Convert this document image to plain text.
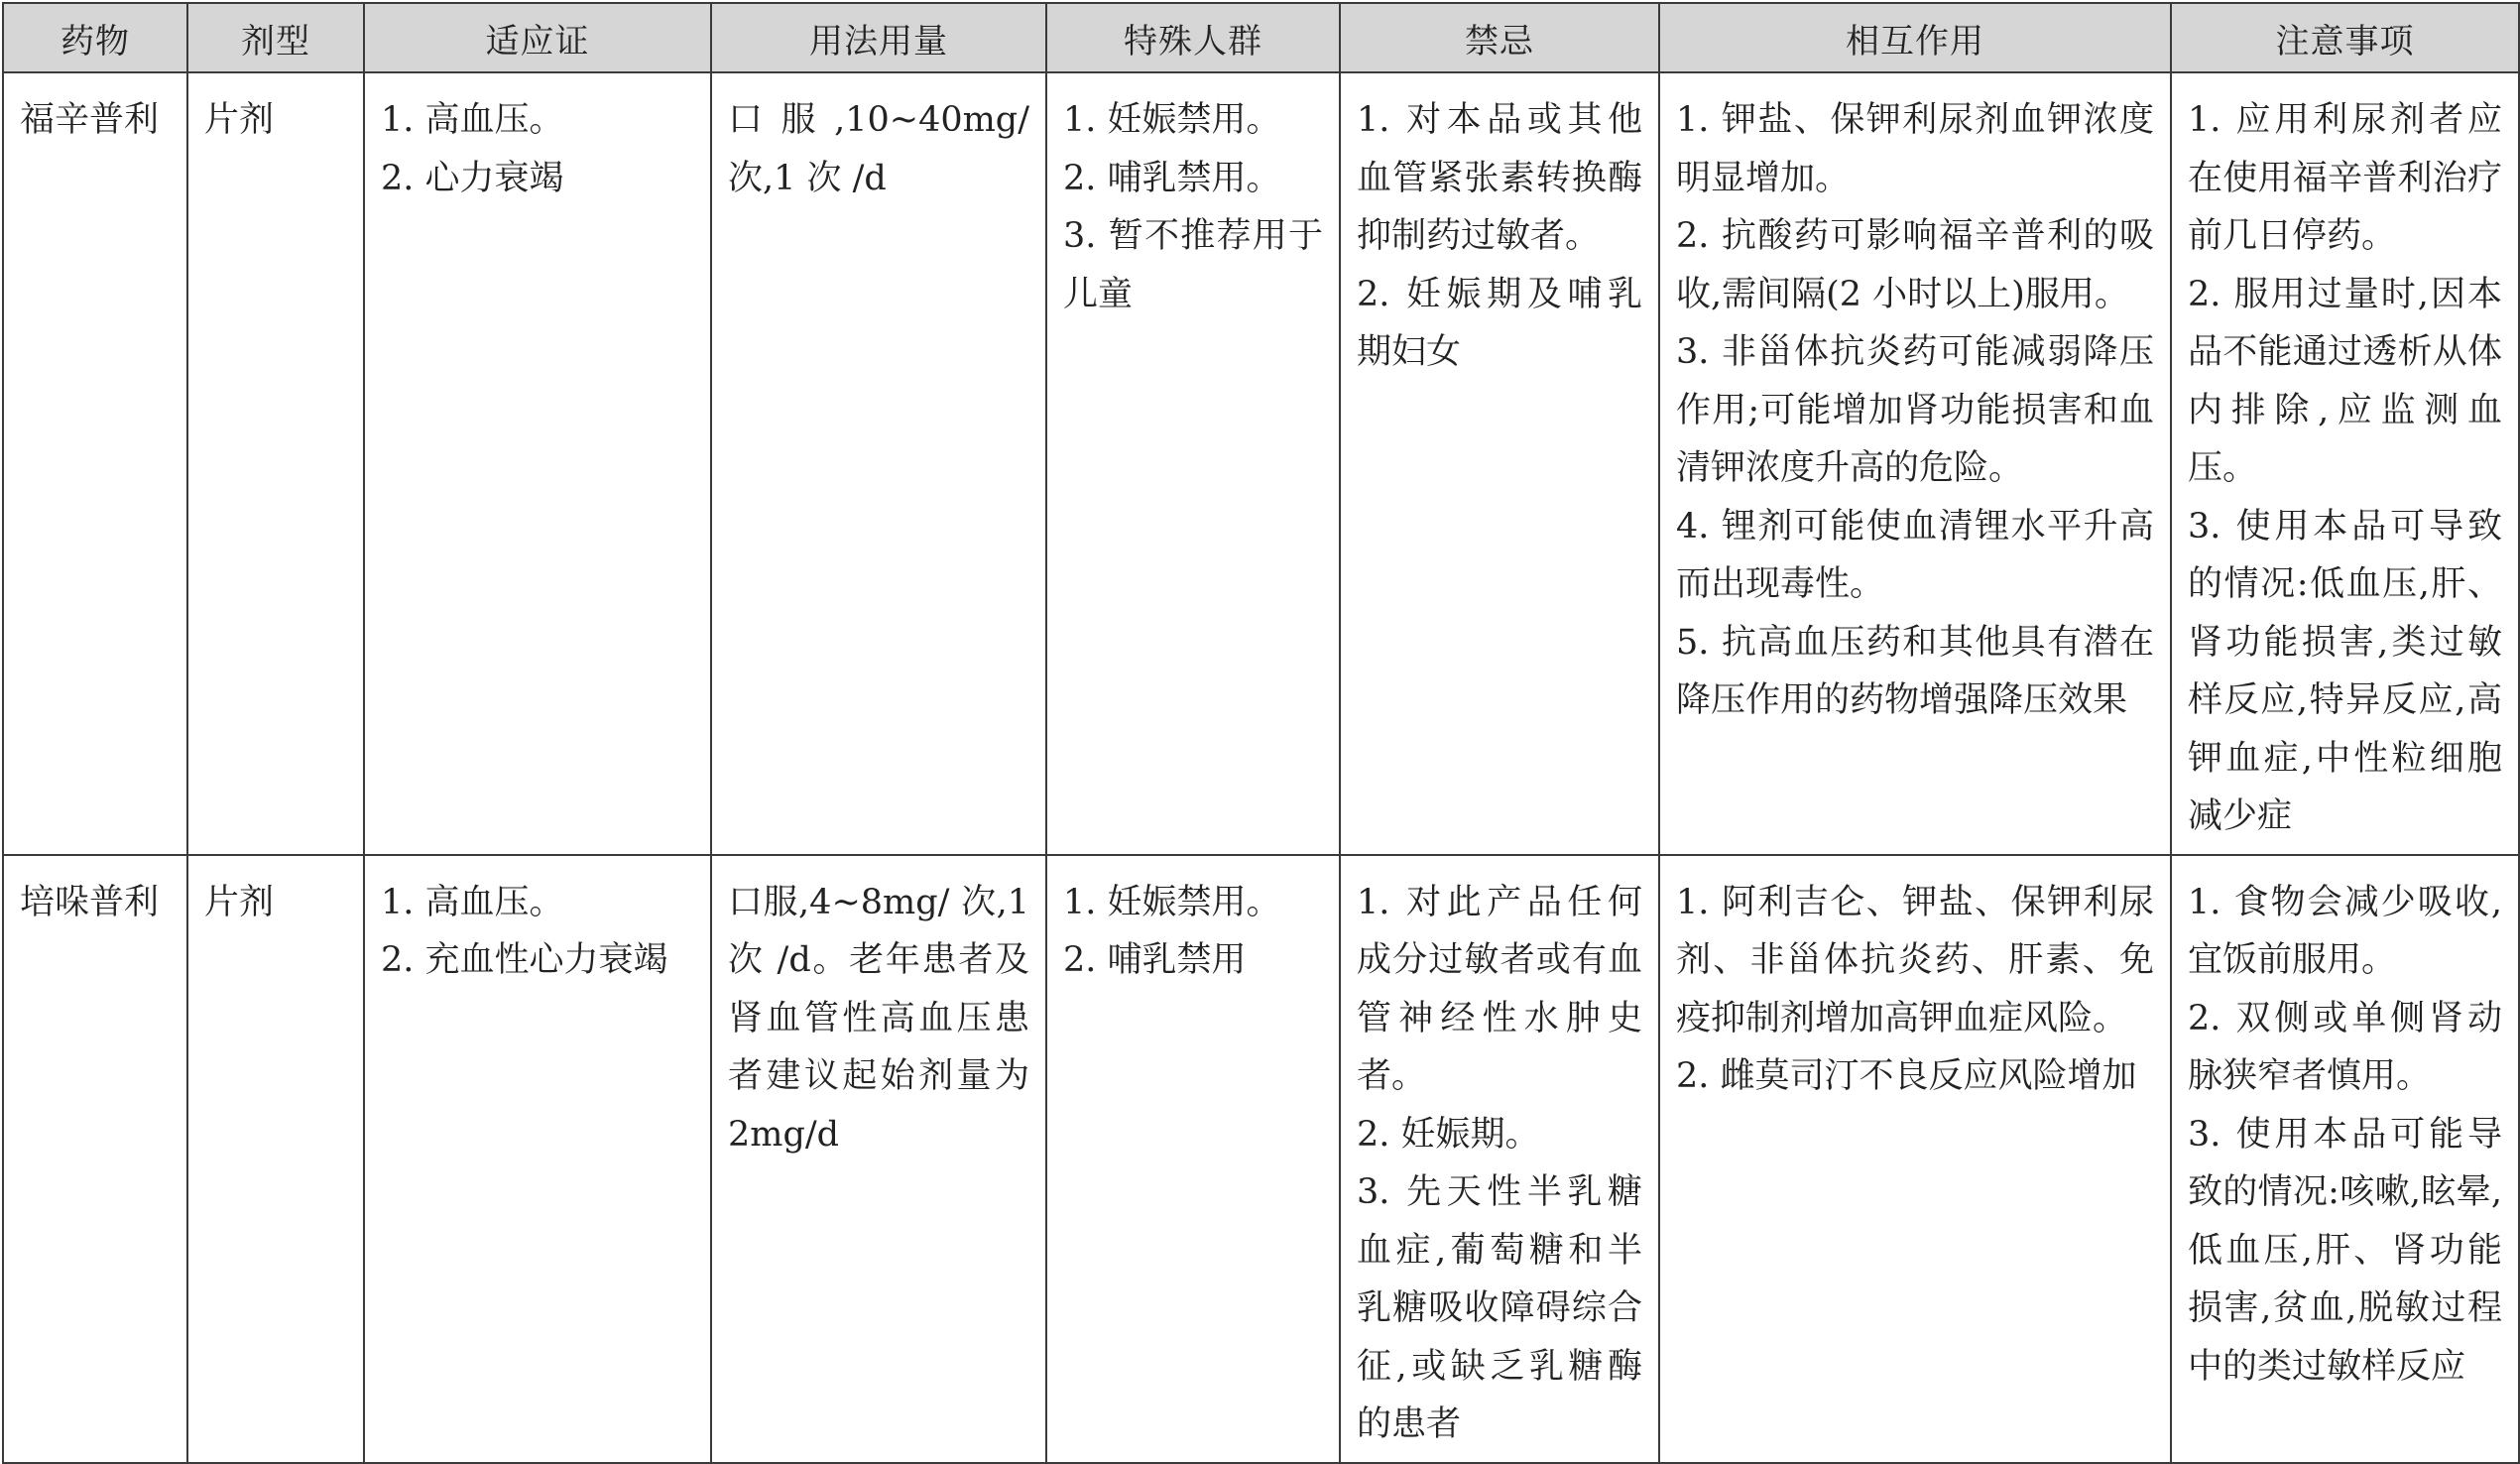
药物	剂型	适应证	用法用量	特殊人群	禁忌	相互作用	注意事项

福辛普利	片剂	1. 高血压。
2. 心力衰竭	口服,10~40mg/ 次,1 次 /d	1. 妊娠禁用。
2. 哺乳禁用。
3. 暂不推荐用于儿童	1. 对本品或其他血管紧张素转换酶抑制药过敏者。
2. 妊娠期及哺乳期妇女	1. 钾盐、保钾利尿剂血钾浓度明显增加。
2. 抗酸药可影响福辛普利的吸收,需间隔(2 小时以上)服用。
3. 非甾体抗炎药可能减弱降压作用;可能增加肾功能损害和血清钾浓度升高的危险。
4. 锂剂可能使血清锂水平升高而出现毒性。
5. 抗高血压药和其他具有潜在降压作用的药物增强降压效果	1. 应用利尿剂者应在使用福辛普利治疗前几日停药。
2. 服用过量时,因本品不能通过透析从体内排除,应监测血压。
3. 使用本品可导致的情况:低血压,肝、肾功能损害,类过敏样反应,特异反应,高钾血症,中性粒细胞减少症

培哚普利	片剂	1. 高血压。
2. 充血性心力衰竭	口服,4~8mg/ 次,1 次 /d。老年患者及肾血管性高血压患者建议起始剂量为 2mg/d	1. 妊娠禁用。
2. 哺乳禁用	1. 对此产品任何成分过敏者或有血管神经性水肿史者。
2. 妊娠期。
3. 先天性半乳糖血症,葡萄糖和半乳糖吸收障碍综合征,或缺乏乳糖酶的患者	1. 阿利吉仑、钾盐、保钾利尿剂、非甾体抗炎药、肝素、免疫抑制剂增加高钾血症风险。
2. 雌莫司汀不良反应风险增加	1. 食物会减少吸收,宜饭前服用。
2. 双侧或单侧肾动脉狭窄者慎用。
3. 使用本品可能导致的情况:咳嗽,眩晕,低血压,肝、肾功能损害,贫血,脱敏过程中的类过敏样反应
